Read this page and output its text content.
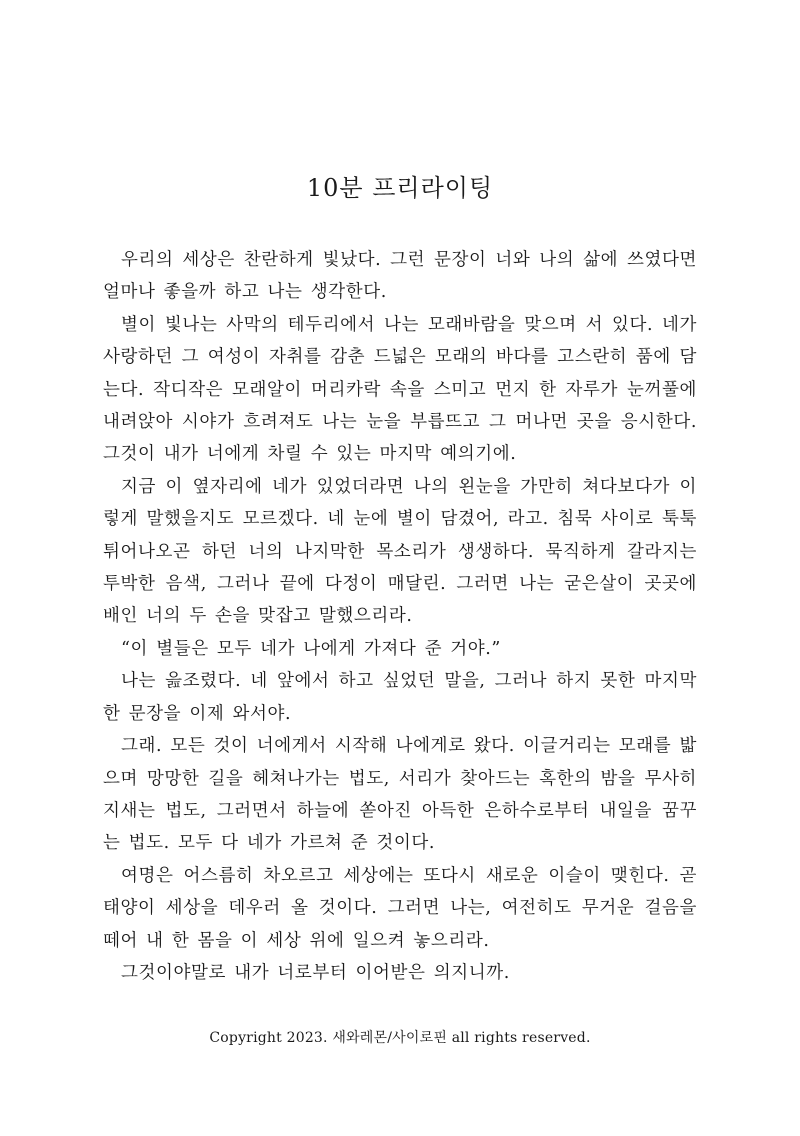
10분 프리라이팅

우리의 세상은 찬란하게 빛났다. 그런 문장이 너와 나의 삶에 쓰였다면 얼마나 좋을까 하고 나는 생각한다.

별이 빛나는 사막의 테두리에서 나는 모래바람을 맞으며 서 있다. 네가 사랑하던 그 여성이 자취를 감춘 드넓은 모래의 바다를 고스란히 품에 담는다. 작디작은 모래알이 머리카락 속을 스미고 먼지 한 자루가 눈꺼풀에 내려앉아 시야가 흐려져도 나는 눈을 부릅뜨고 그 머나먼 곳을 응시한다. 그것이 내가 너에게 차릴 수 있는 마지막 예의기에.

지금 이 옆자리에 네가 있었더라면 나의 왼눈을 가만히 쳐다보다가 이렇게 말했을지도 모르겠다. 네 눈에 별이 담겼어, 라고. 침묵 사이로 툭툭 튀어나오곤 하던 너의 나지막한 목소리가 생생하다. 묵직하게 갈라지는 투박한 음색, 그러나 끝에 다정이 매달린. 그러면 나는 굳은살이 곳곳에 배인 너의 두 손을 맞잡고 말했으리라.

“이 별들은 모두 네가 나에게 가져다 준 거야.”

나는 읊조렸다. 네 앞에서 하고 싶었던 말을, 그러나 하지 못한 마지막 한 문장을 이제 와서야.

그래. 모든 것이 너에게서 시작해 나에게로 왔다. 이글거리는 모래를 밟으며 망망한 길을 헤쳐나가는 법도, 서리가 찾아드는 혹한의 밤을 무사히 지새는 법도, 그러면서 하늘에 쏟아진 아득한 은하수로부터 내일을 꿈꾸는 법도. 모두 다 네가 가르쳐 준 것이다.

여명은 어스름히 차오르고 세상에는 또다시 새로운 이슬이 맺힌다. 곧 태양이 세상을 데우러 올 것이다. 그러면 나는, 여전히도 무거운 걸음을 떼어 내 한 몸을 이 세상 위에 일으켜 놓으리라.

그것이야말로 내가 너로부터 이어받은 의지니까.

Copyright 2023. 새와레몬/사이로핀 all rights reserved.
